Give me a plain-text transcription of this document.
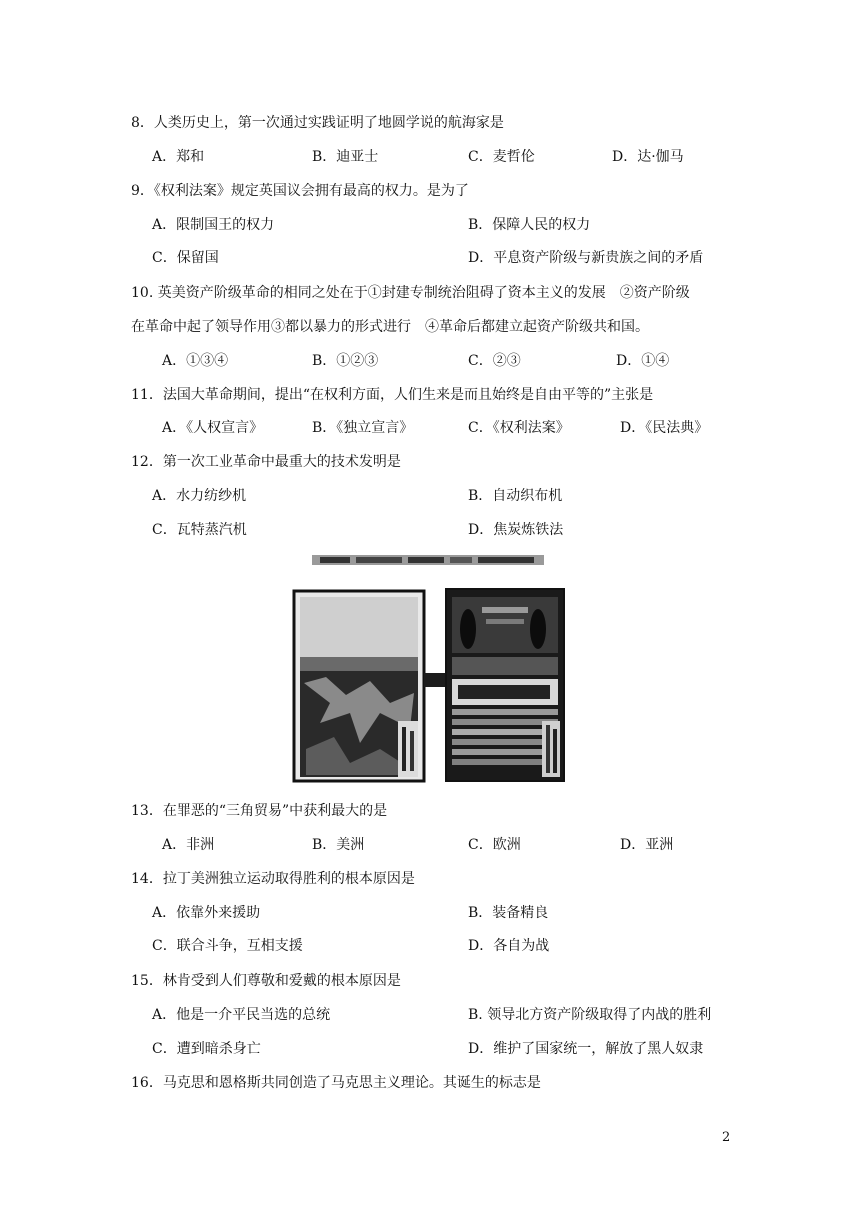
8．人类历史上，第一次通过实践证明了地圆学说的航海家是
A．郑和	B．迪亚士	C．麦哲伦	D．达·伽马
9．《权利法案》规定英国议会拥有最高的权力。是为了
A．限制国王的权力	B．保障人民的权力
C．保留国	D．平息资产阶级与新贵族之间的矛盾
10. 英美资产阶级革命的相同之处在于①封建专制统治阻碍了资本主义的发展　②资产阶级
在革命中起了领导作用③都以暴力的形式进行　④革命后都建立起资产阶级共和国。
A．①③④	B．①②③	C．②③	D．①④
11．法国大革命期间，提出“在权利方面，人们生来是而且始终是自由平等的”主张是
A．《人权宣言》	B．《独立宣言》	C．《权利法案》	D．《民法典》
12．第一次工业革命中最重大的技术发明是
A．水力纺纱机	B．自动织布机
C．瓦特蒸汽机	D．焦炭炼铁法
13．在罪恶的“三角贸易”中获利最大的是
A．非洲	B．美洲	C．欧洲	D．亚洲
14．拉丁美洲独立运动取得胜利的根本原因是
A．依靠外来援助	B．装备精良
C．联合斗争，互相支援	D．各自为战
15．林肯受到人们尊敬和爱戴的根本原因是
A．他是一介平民当选的总统	B. 领导北方资产阶级取得了内战的胜利
C．遭到暗杀身亡	D．维护了国家统一，解放了黑人奴隶
16．马克思和恩格斯共同创造了马克思主义理论。其诞生的标志是
2
